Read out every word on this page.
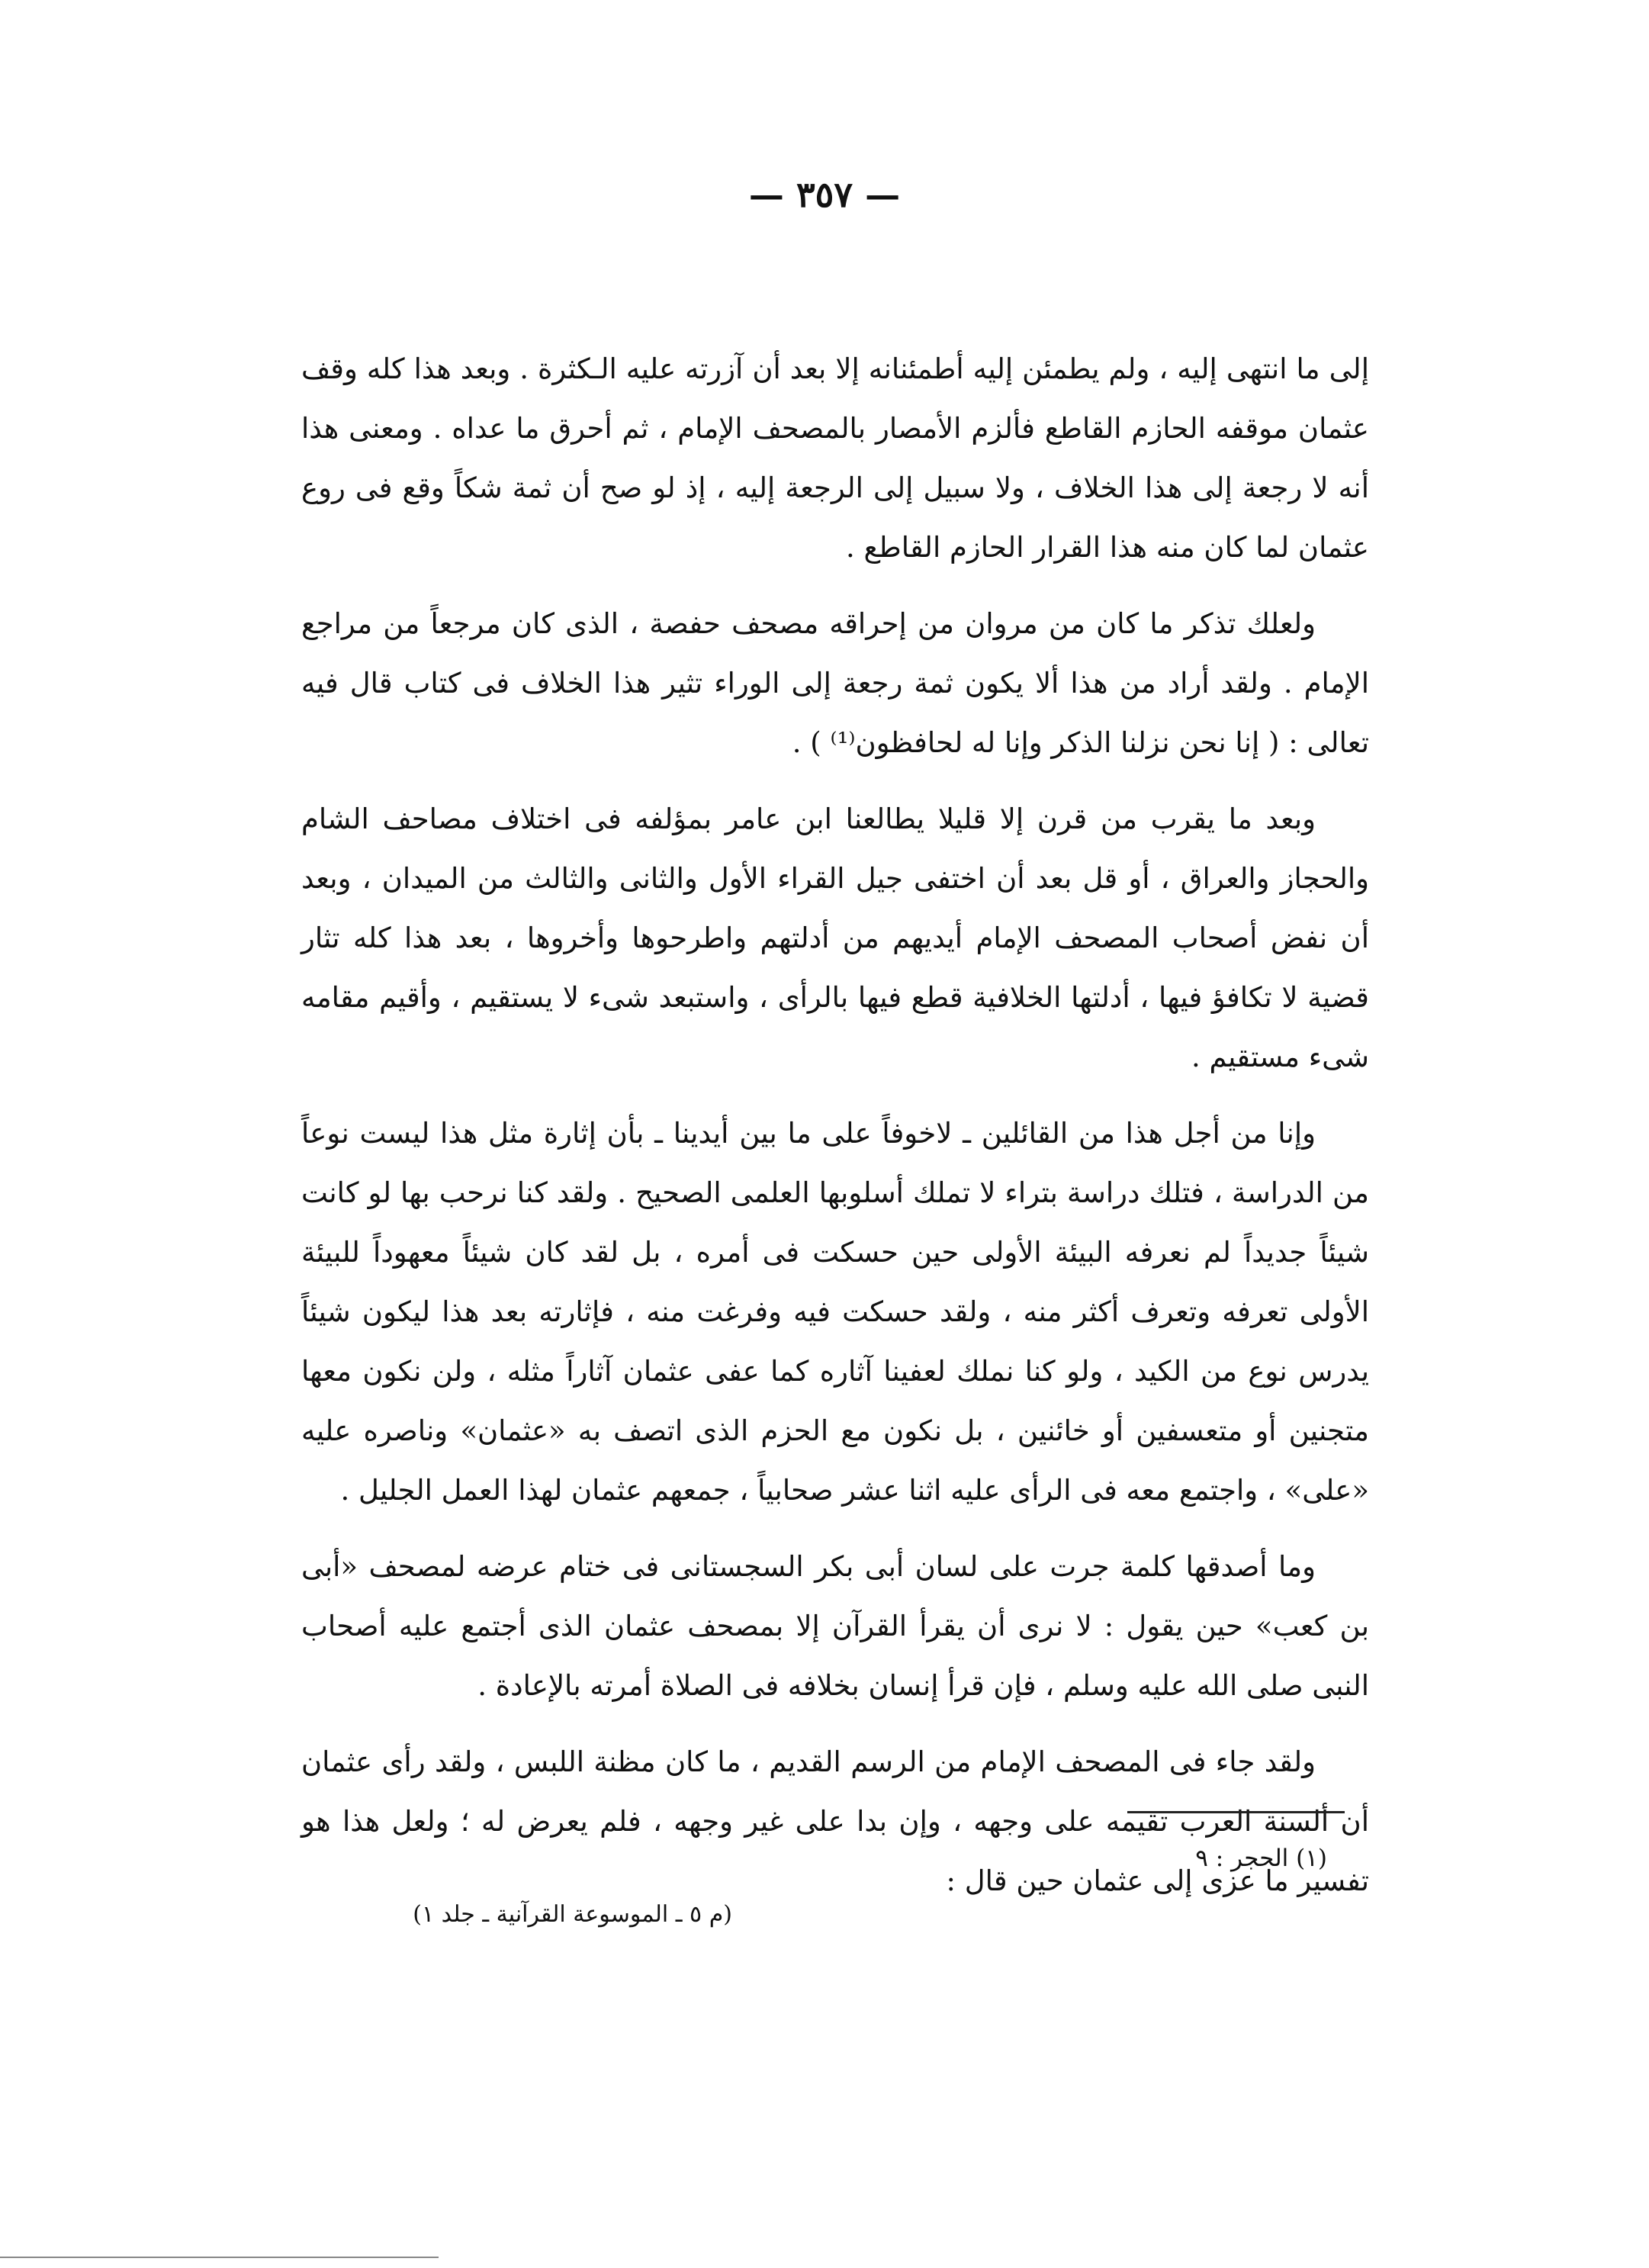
— ٣٥٧ —

إلى ما انتهى إليه ، ولم يطمئن إليه أطمئنانه إلا بعد أن آزرته عليه الـكثرة . وبعد هذا كله وقف عثمان موقفه الحازم القاطع فألزم الأمصار بالمصحف الإمام ، ثم أحرق ما عداه . ومعنى هذا أنه لا رجعة إلى هذا الخلاف ، ولا سبيل إلى الرجعة إليه ، إذ لو صح أن ثمة شكاً وقع فى روع عثمان لما كان منه هذا القرار الحازم القاطع .

ولعلك تذكر ما كان من مروان من إحراقه مصحف حفصة ، الذى كان مرجعاً من مراجع الإمام . ولقد أراد من هذا ألا يكون ثمة رجعة إلى الوراء تثير هذا الخلاف فى كتاب قال فيه تعالى : ( إنا نحن نزلنا الذكر وإنا له لحافظون⁽¹⁾ ) .

وبعد ما يقرب من قرن إلا قليلا يطالعنا ابن عامر بمؤلفه فى اختلاف مصاحف الشام والحجاز والعراق ، أو قل بعد أن اختفى جيل القراء الأول والثانى والثالث من الميدان ، وبعد أن نفض أصحاب المصحف الإمام أيديهم من أدلتهم واطرحوها وأخروها ، بعد هذا كله تثار قضية لا تكافؤ فيها ، أدلتها الخلافية قطع فيها بالرأى ، واستبعد شىء لا يستقيم ، وأقيم مقامه شىء مستقيم .

وإنا من أجل هذا من القائلين ـ لاخوفاً على ما بين أيدينا ـ بأن إثارة مثل هذا ليست نوعاً من الدراسة ، فتلك دراسة بتراء لا تملك أسلوبها العلمى الصحيح . ولقد كنا نرحب بها لو كانت شيئاً جديداً لم نعرفه البيئة الأولى حين حسكت فى أمره ، بل لقد كان شيئاً معهوداً للبيئة الأولى تعرفه وتعرف أكثر منه ، ولقد حسكت فيه وفرغت منه ، فإثارته بعد هذا ليكون شيئاً يدرس نوع من الكيد ، ولو كنا نملك لعفينا آثاره كما عفى عثمان آثاراً مثله ، ولن نكون معها متجنين أو متعسفين أو خائنين ، بل نكون مع الحزم الذى اتصف به «عثمان» وناصره عليه «على» ، واجتمع معه فى الرأى عليه اثنا عشر صحابياً ، جمعهم عثمان لهذا العمل الجليل .

وما أصدقها كلمة جرت على لسان أبى بكر السجستانى فى ختام عرضه لمصحف «أبى بن كعب» حين يقول : لا نرى أن يقرأ القرآن إلا بمصحف عثمان الذى أجتمع عليه أصحاب النبى صلى الله عليه وسلم ، فإن قرأ إنسان بخلافه فى الصلاة أمرته بالإعادة .

ولقد جاء فى المصحف الإمام من الرسم القديم ، ما كان مظنة اللبس ، ولقد رأى عثمان أن ألسنة العرب تقيمه على وجهه ، وإن بدا على غير وجهه ، فلم يعرض له ؛ ولعل هذا هو تفسير ما عزى إلى عثمان حين قال :

(١) الحجر : ٩
(م ٥ ـ الموسوعة القرآنية ـ جلد ١)
